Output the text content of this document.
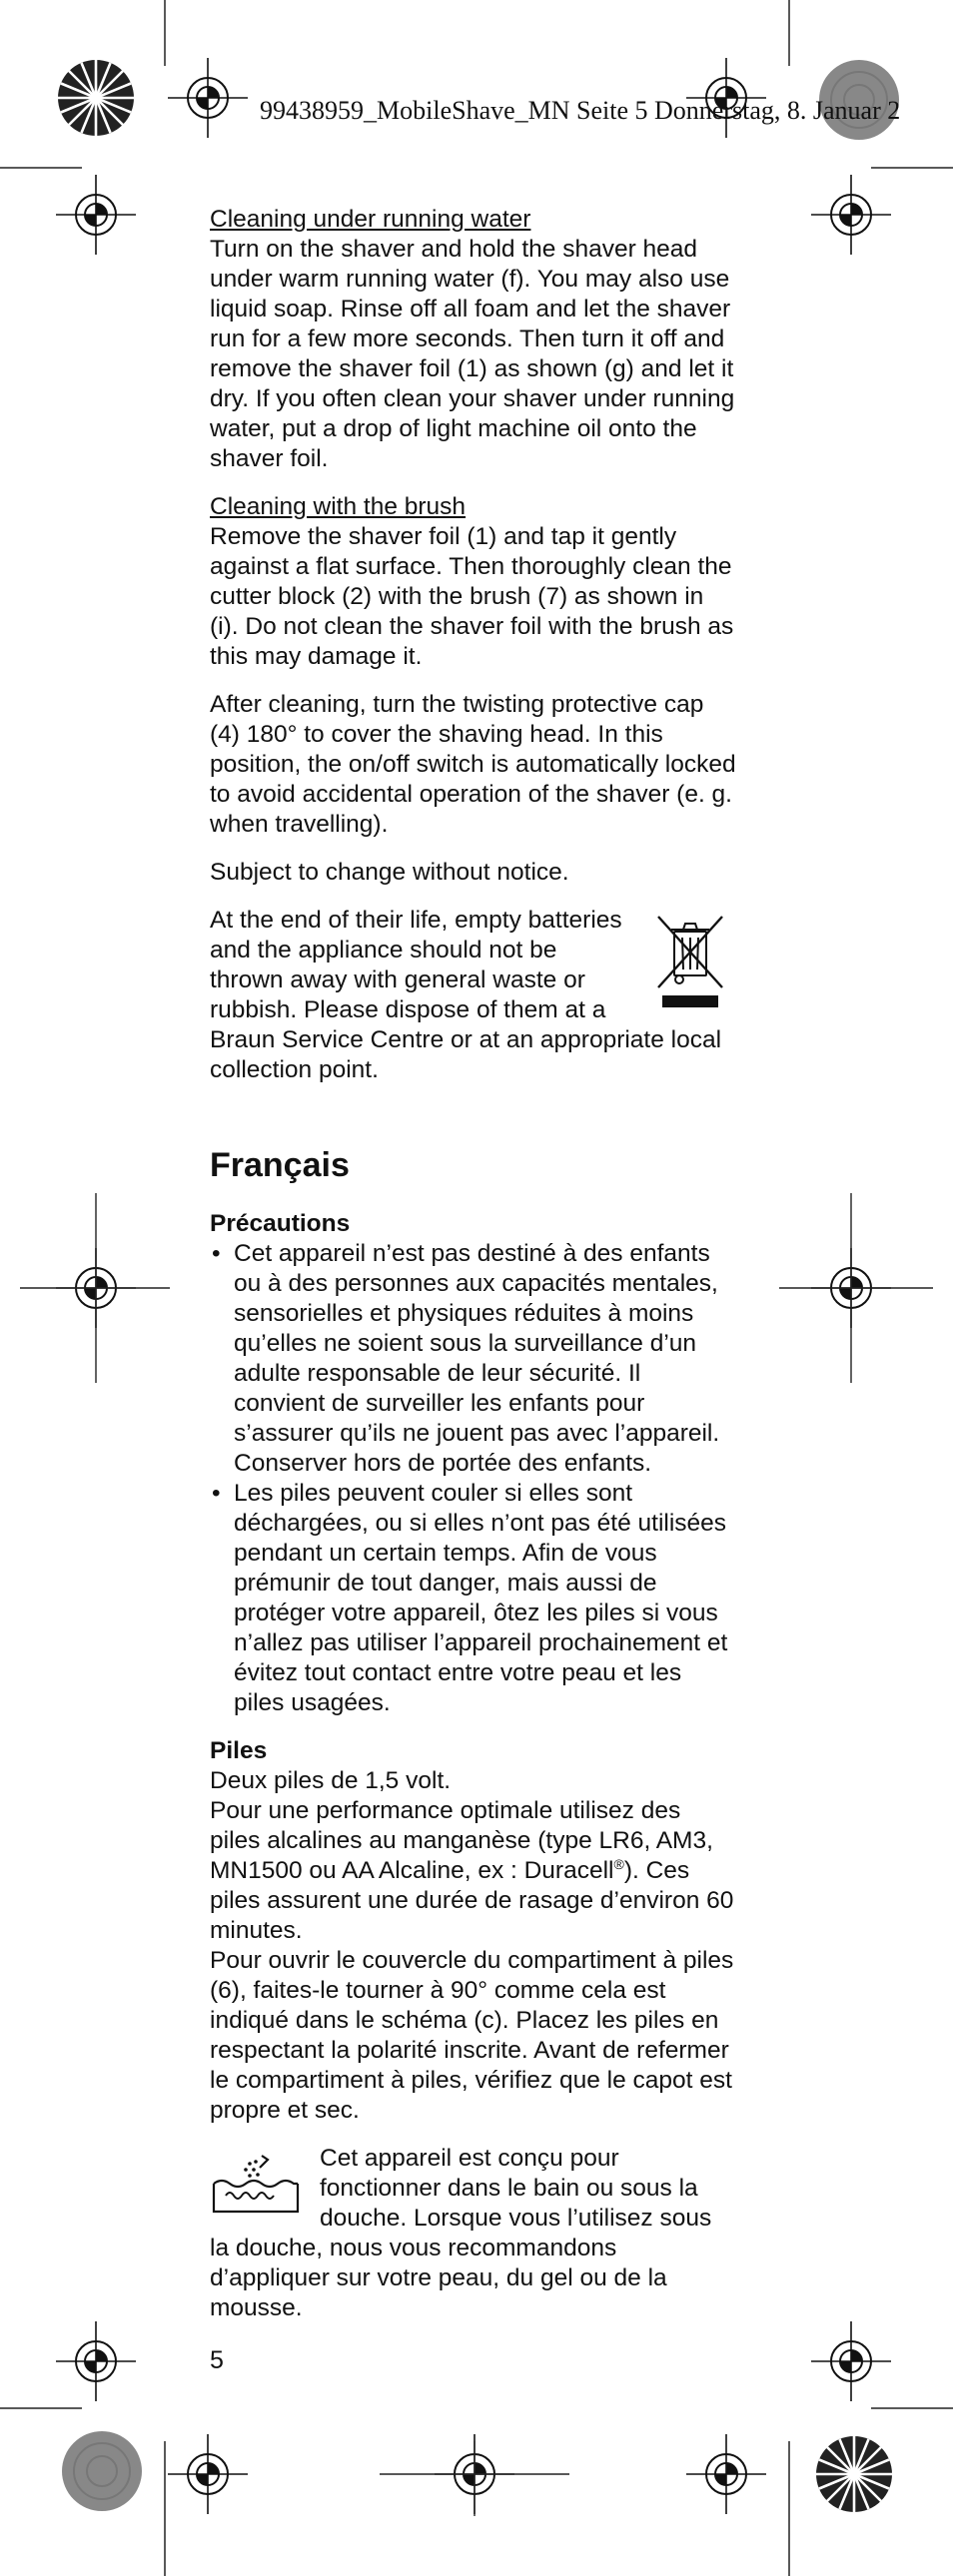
99438959_MobileShave_MN Seite 5 Donnerstag, 8. Januar 2

Cleaning under running water
Turn on the shaver and hold the shaver head under warm running water (f). You may also use liquid soap. Rinse off all foam and let the shaver run for a few more seconds. Then turn it off and remove the shaver foil (1) as shown (g) and let it dry. If you often clean your shaver under running water, put a drop of light machine oil onto the shaver foil.

Cleaning with the brush
Remove the shaver foil (1) and tap it gently against a flat surface. Then thoroughly clean the cutter block (2) with the brush (7) as shown in (i). Do not clean the shaver foil with the brush as this may damage it.

After cleaning, turn the twisting protective cap (4) 180° to cover the shaving head. In this position, the on/off switch is automatically locked to avoid accidental operation of the shaver (e. g. when travelling).

Subject to change without notice.

At the end of their life, empty batteries and the appliance should not be thrown away with general waste or rubbish. Please dispose of them at a Braun Service Centre or at an appropriate local collection point.

Français
Précautions
• Cet appareil n’est pas destiné à des enfants ou à des personnes aux capacités mentales, sensorielles et physiques réduites à moins qu’elles ne soient sous la surveillance d’un adulte responsable de leur sécurité. Il convient de surveiller les enfants pour s’assurer qu’ils ne jouent pas avec l’appareil. Conserver hors de portée des enfants.
• Les piles peuvent couler si elles sont déchargées, ou si elles n’ont pas été utilisées pendant un certain temps. Afin de vous prémunir de tout danger, mais aussi de protéger votre appareil, ôtez les piles si vous n’allez pas utiliser l’appareil prochainement et évitez tout contact entre votre peau et les piles usagées.

Piles
Deux piles de 1,5 volt.
Pour une performance optimale utilisez des piles alcalines au manganèse (type LR6, AM3, MN1500 ou AA Alcaline, ex : Duracell®). Ces piles assurent une durée de rasage d’environ 60 minutes.
Pour ouvrir le couvercle du compartiment à piles (6), faites-le tourner à 90° comme cela est indiqué dans le schéma (c). Placez les piles en respectant la polarité inscrite. Avant de refermer le compartiment à piles, vérifiez que le capot est propre et sec.

Cet appareil est conçu pour fonctionner dans le bain ou sous la douche. Lorsque vous l’utilisez sous la douche, nous vous recommandons d’appliquer sur votre peau, du gel ou de la mousse.
5
